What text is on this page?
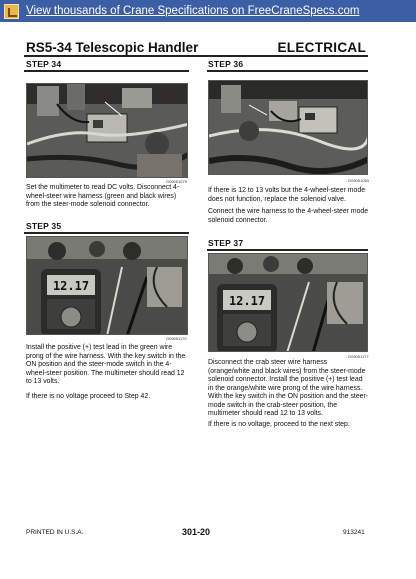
View thousands of Crane Specifications on FreeCraneSpecs.com
RS5-34 Telescopic Handler	ELECTRICAL
STEP 34
G09051079
Set the multimeter to read DC volts. Disconnect 4-wheel-steer wire harness (green and black wires) from the steer-mode solenoid connector.
STEP 35
12.17
G09051170
Install the positive (+) test lead in the green wire prong of the wire harness. With the key switch in the ON position and the steer-mode switch in the 4-wheel-steer position. The multimeter should read 12 to 13 volts.
If there is no voltage proceed to Step 42.
STEP 36
G09051083
If there is 12 to 13 volts but the 4-wheel-steer mode does not function, replace the solenoid valve.
Connect the wire harness to the 4-wheel-steer mode solenoid connector.
STEP 37
12.17
G09051177
Disconnect the crab steer wire harness (orange/white and black wires) from the steer-mode solenoid connector. Install the positive (+) test lead in the orange/white wire prong of the wire harness. With the key switch in the ON position and the steer-mode switch in the crab-steer position, the multimeter should read 12 to 13 volts.
If there is no voltage, proceed to the next step.
PRINTED IN U.S.A.	301-20	913241
